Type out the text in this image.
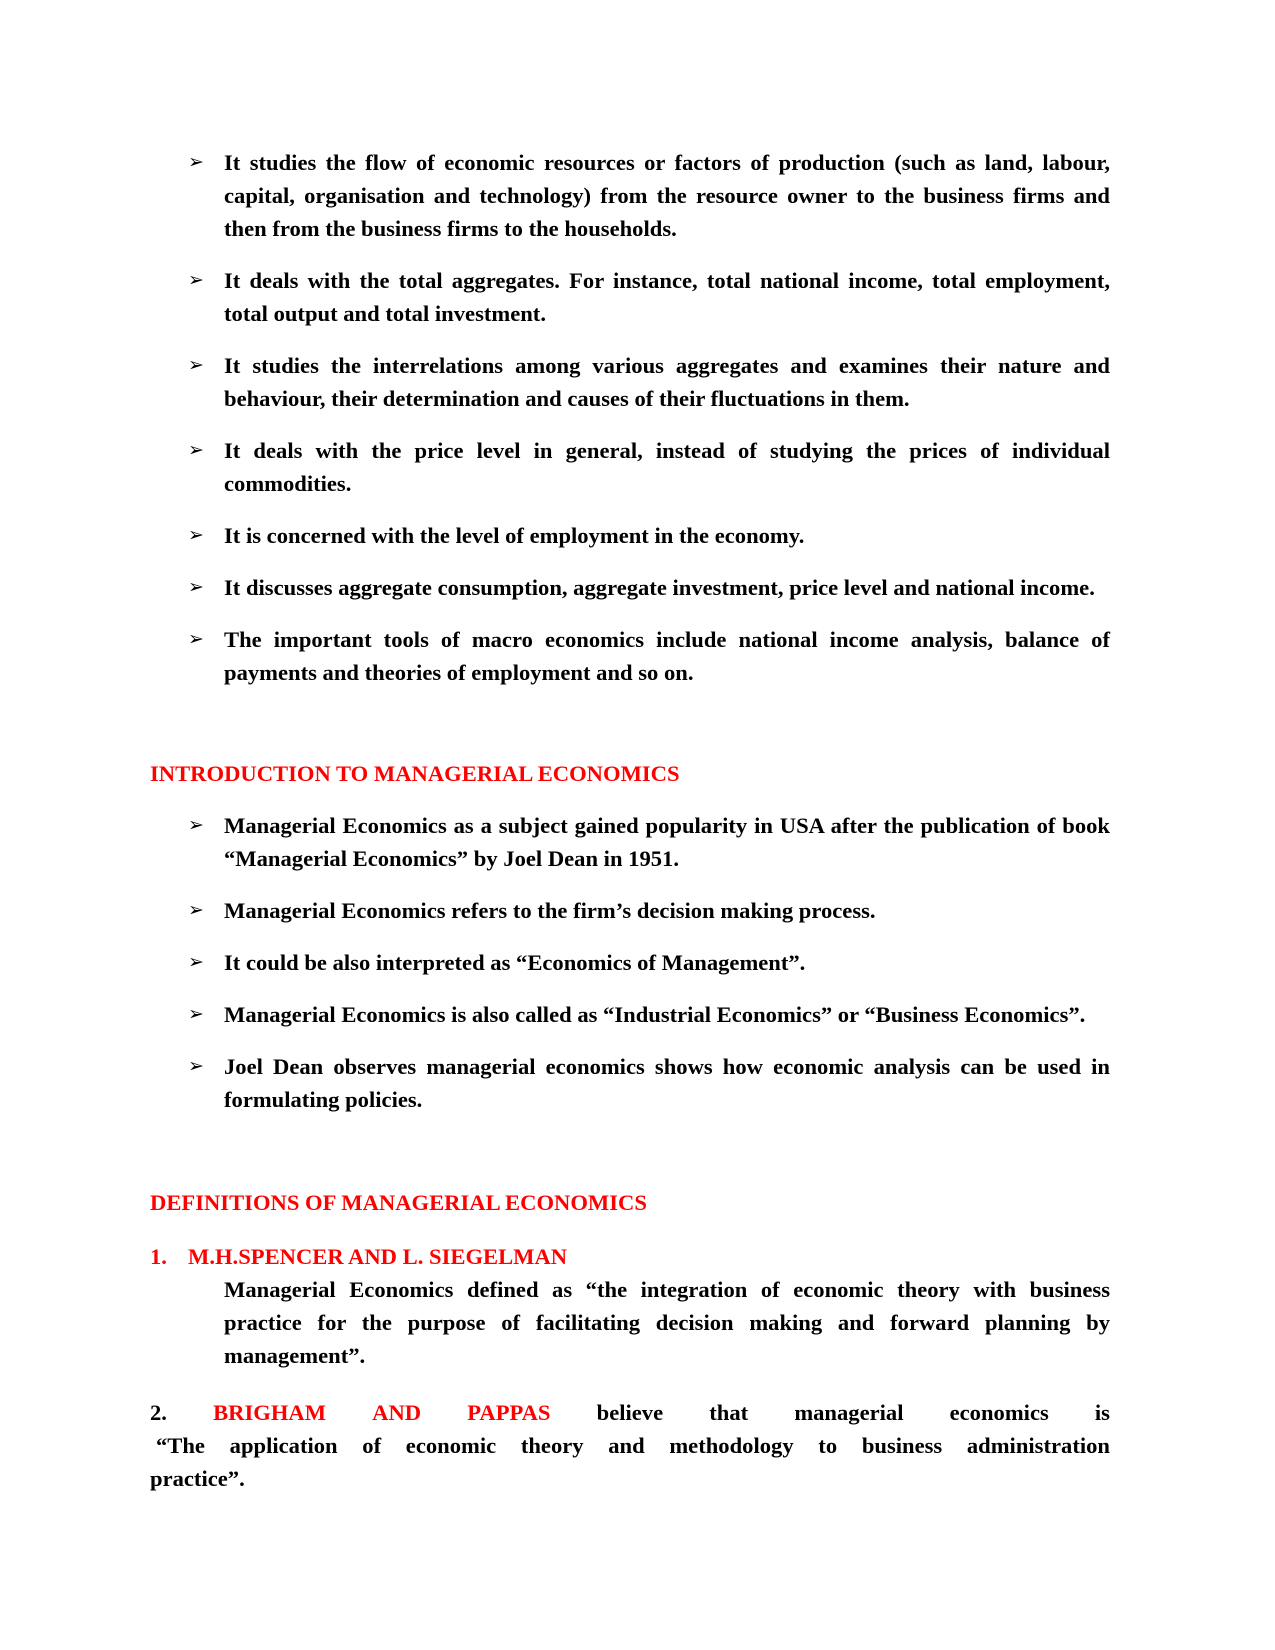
➢ It studies the flow of economic resources or factors of production (such as land, labour, capital, organisation and technology) from the resource owner to the business firms and then from the business firms to the households.
➢ It deals with the total aggregates. For instance, total national income, total employment, total output and total investment.
➢ It studies the interrelations among various aggregates and examines their nature and behaviour, their determination and causes of their fluctuations in them.
➢ It deals with the price level in general, instead of studying the prices of individual commodities.
➢ It is concerned with the level of employment in the economy.
➢ It discusses aggregate consumption, aggregate investment, price level and national income.
➢ The important tools of macro economics include national income analysis, balance of payments and theories of employment and so on.
INTRODUCTION TO MANAGERIAL ECONOMICS
➢ Managerial Economics as a subject gained popularity in USA after the publication of book “Managerial Economics” by Joel Dean in 1951.
➢ Managerial Economics refers to the firm’s decision making process.
➢ It could be also interpreted as “Economics of Management”.
➢ Managerial Economics is also called as “Industrial Economics” or “Business Economics”.
➢ Joel Dean observes managerial economics shows how economic analysis can be used in formulating policies.
DEFINITIONS OF MANAGERIAL ECONOMICS
1. M.H.SPENCER AND L. SIEGELMAN
Managerial Economics defined as “the integration of economic theory with business practice for the purpose of facilitating decision making and forward planning by management”.
2. BRIGHAM AND PAPPAS believe that managerial economics is
“The application of economic theory and methodology to business administration
practice”.
